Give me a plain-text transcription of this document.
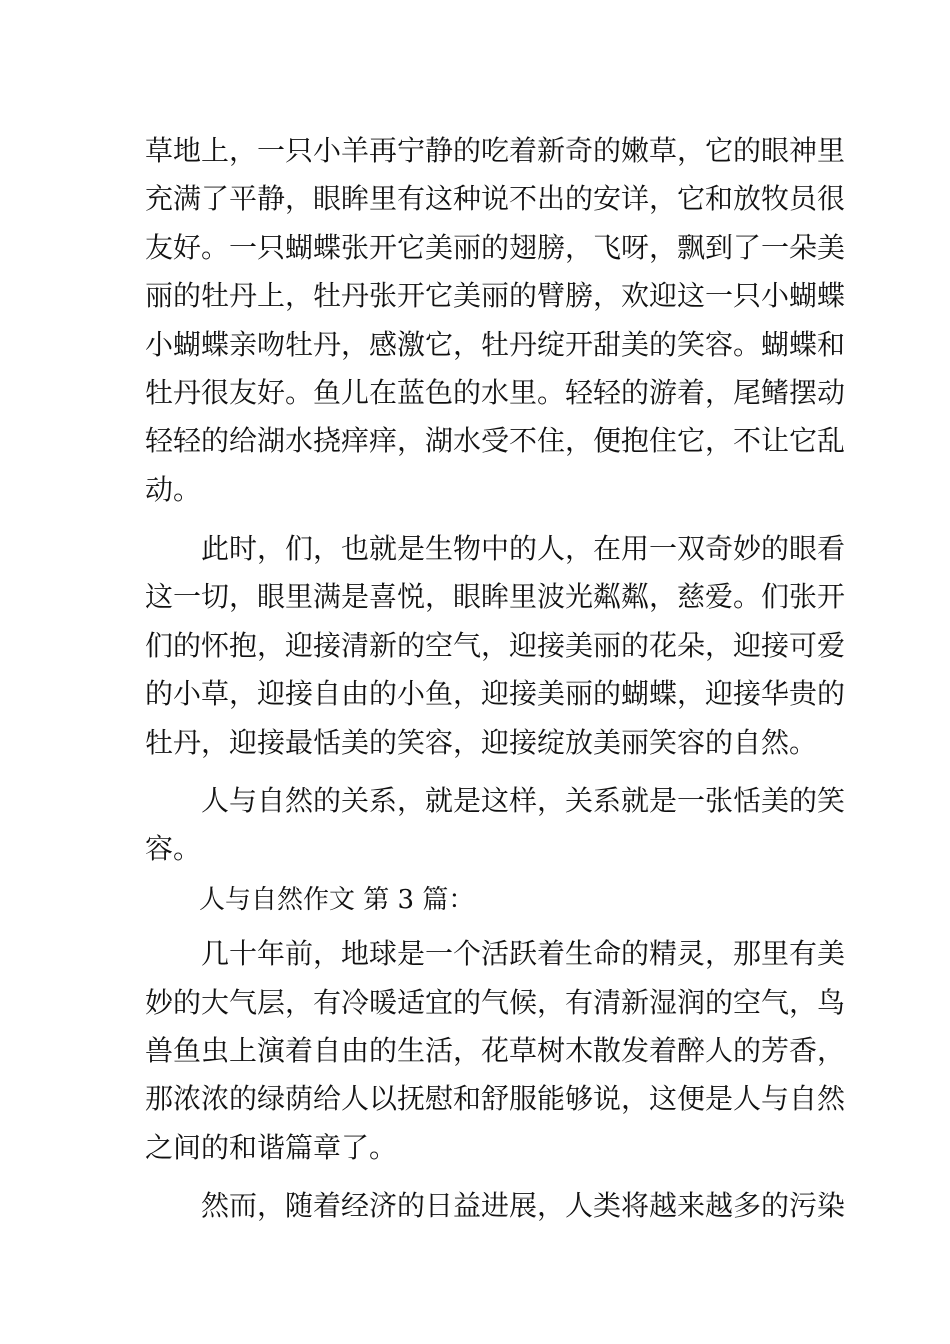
草地上，一只小羊再宁静的吃着新奇的嫩草，它的眼神里
充满了平静，眼眸里有这种说不出的安详，它和放牧员很
友好。一只蝴蝶张开它美丽的翅膀，飞呀，飘到了一朵美
丽的牡丹上，牡丹张开它美丽的臂膀，欢迎这一只小蝴蝶
小蝴蝶亲吻牡丹，感激它，牡丹绽开甜美的笑容。蝴蝶和
牡丹很友好。鱼儿在蓝色的水里。轻轻的游着，尾鳍摆动
轻轻的给湖水挠痒痒，湖水受不住，便抱住它，不让它乱
动。
此时，们，也就是生物中的人，在用一双奇妙的眼看
这一切，眼里满是喜悦，眼眸里波光粼粼，慈爱。们张开
们的怀抱，迎接清新的空气，迎接美丽的花朵，迎接可爱
的小草，迎接自由的小鱼，迎接美丽的蝴蝶，迎接华贵的
牡丹，迎接最恬美的笑容，迎接绽放美丽笑容的自然。
人与自然的关系，就是这样，关系就是一张恬美的笑
容。
人与自然作文 第 3 篇：
几十年前，地球是一个活跃着生命的精灵，那里有美
妙的大气层，有冷暖适宜的气候，有清新湿润的空气，鸟
兽鱼虫上演着自由的生活，花草树木散发着醉人的芳香，
那浓浓的绿荫给人以抚慰和舒服能够说，这便是人与自然
之间的和谐篇章了。
然而，随着经济的日益进展，人类将越来越多的污染
